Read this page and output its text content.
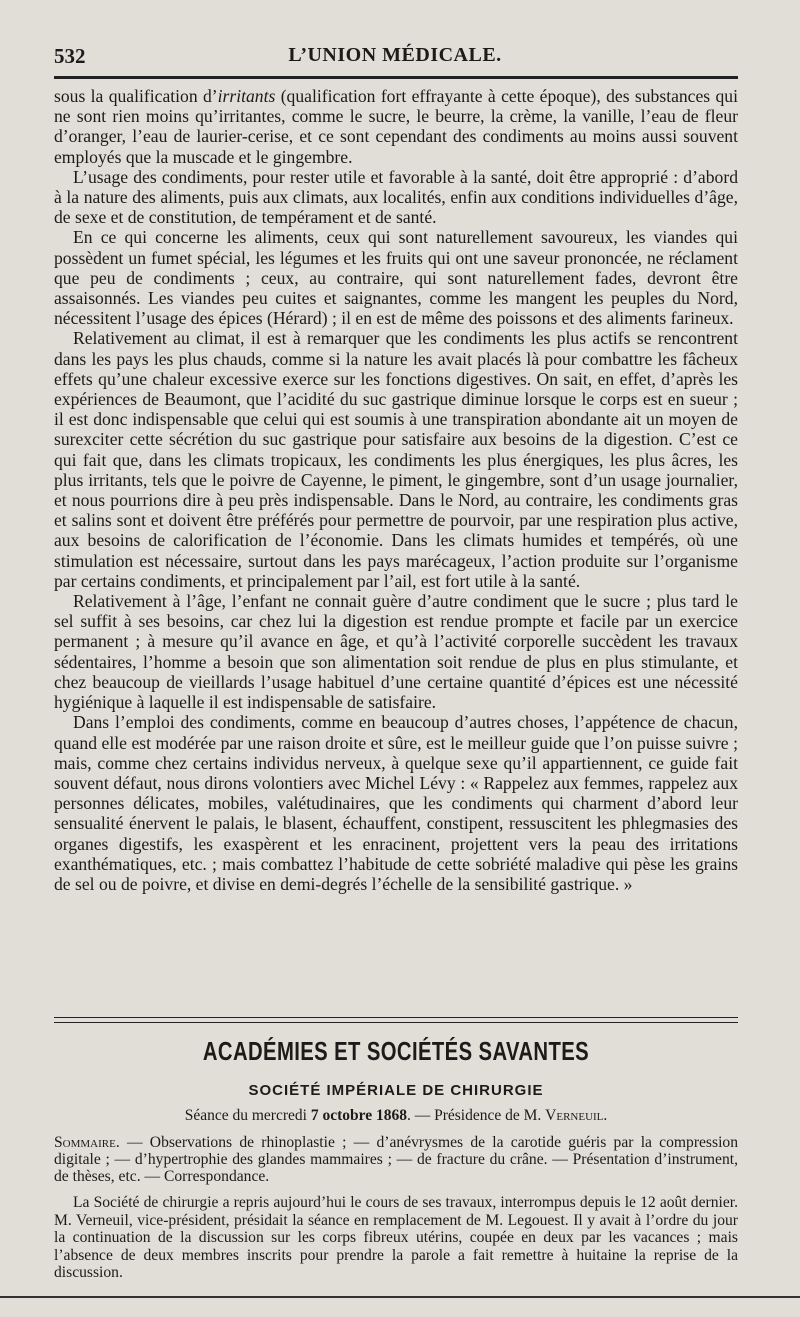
532	L’UNION MÉDICALE.

sous la qualification d’irritants (qualification fort effrayante à cette époque), des substances qui ne sont rien moins qu’irritantes, comme le sucre, le beurre, la crème, la vanille, l’eau de fleur d’oranger, l’eau de laurier-cerise, et ce sont cependant des condiments au moins aussi souvent employés que la muscade et le gingembre.

L’usage des condiments, pour rester utile et favorable à la santé, doit être approprié : d’abord à la nature des aliments, puis aux climats, aux localités, enfin aux conditions individuelles d’âge, de sexe et de constitution, de tempérament et de santé.

En ce qui concerne les aliments, ceux qui sont naturellement savoureux, les viandes qui possèdent un fumet spécial, les légumes et les fruits qui ont une saveur prononcée, ne réclament que peu de condiments ; ceux, au contraire, qui sont naturellement fades, devront être assaisonnés. Les viandes peu cuites et saignantes, comme les mangent les peuples du Nord, nécessitent l’usage des épices (Hérard) ; il en est de même des poissons et des aliments farineux.

Relativement au climat, il est à remarquer que les condiments les plus actifs se rencontrent dans les pays les plus chauds, comme si la nature les avait placés là pour combattre les fâcheux effets qu’une chaleur excessive exerce sur les fonctions digestives. On sait, en effet, d’après les expériences de Beaumont, que l’acidité du suc gastrique diminue lorsque le corps est en sueur ; il est donc indispensable que celui qui est soumis à une transpiration abondante ait un moyen de surexciter cette sécrétion du suc gastrique pour satisfaire aux besoins de la digestion. C’est ce qui fait que, dans les climats tropicaux, les condiments les plus énergiques, les plus âcres, les plus irritants, tels que le poivre de Cayenne, le piment, le gingembre, sont d’un usage journalier, et nous pourrions dire à peu près indispensable. Dans le Nord, au contraire, les condiments gras et salins sont et doivent être préférés pour permettre de pourvoir, par une respiration plus active, aux besoins de calorification de l’économie. Dans les climats humides et tempérés, où une stimulation est nécessaire, surtout dans les pays marécageux, l’action produite sur l’organisme par certains condiments, et principalement par l’ail, est fort utile à la santé.

Relativement à l’âge, l’enfant ne connait guère d’autre condiment que le sucre ; plus tard le sel suffit à ses besoins, car chez lui la digestion est rendue prompte et facile par un exercice permanent ; à mesure qu’il avance en âge, et qu’à l’activité corporelle succèdent les travaux sédentaires, l’homme a besoin que son alimentation soit rendue de plus en plus stimulante, et chez beaucoup de vieillards l’usage habituel d’une certaine quantité d’épices est une nécessité hygiénique à laquelle il est indispensable de satisfaire.

Dans l’emploi des condiments, comme en beaucoup d’autres choses, l’appétence de chacun, quand elle est modérée par une raison droite et sûre, est le meilleur guide que l’on puisse suivre ; mais, comme chez certains individus nerveux, à quelque sexe qu’il appartiennent, ce guide fait souvent défaut, nous dirons volontiers avec Michel Lévy : « Rappelez aux femmes, rappelez aux personnes délicates, mobiles, valétudinaires, que les condiments qui charment d’abord leur sensualité énervent le palais, le blasent, échauffent, constipent, ressuscitent les phlegmasies des organes digestifs, les exaspèrent et les enracinent, projettent vers la peau des irritations exanthématiques, etc. ; mais combattez l’habitude de cette sobriété maladive qui pèse les grains de sel ou de poivre, et divise en demi-degrés l’échelle de la sensibilité gastrique. »

ACADÉMIES ET SOCIÉTÉS SAVANTES
SOCIÉTÉ IMPÉRIALE DE CHIRURGIE
Séance du mercredi 7 octobre 1868. — Présidence de M. Verneuil.
Sommaire. — Observations de rhinoplastie ; — d’anévrysmes de la carotide guéris par la compression digitale ; — d’hypertrophie des glandes mammaires ; — de fracture du crâne. — Présentation d’instrument, de thèses, etc. — Correspondance.
La Société de chirurgie a repris aujourd’hui le cours de ses travaux, interrompus depuis le 12 août dernier. M. Verneuil, vice-président, présidait la séance en remplacement de M. Legouest. Il y avait à l’ordre du jour la continuation de la discussion sur les corps fibreux utérins, coupée en deux par les vacances ; mais l’absence de deux membres inscrits pour prendre la parole a fait remettre à huitaine la reprise de la discussion.
